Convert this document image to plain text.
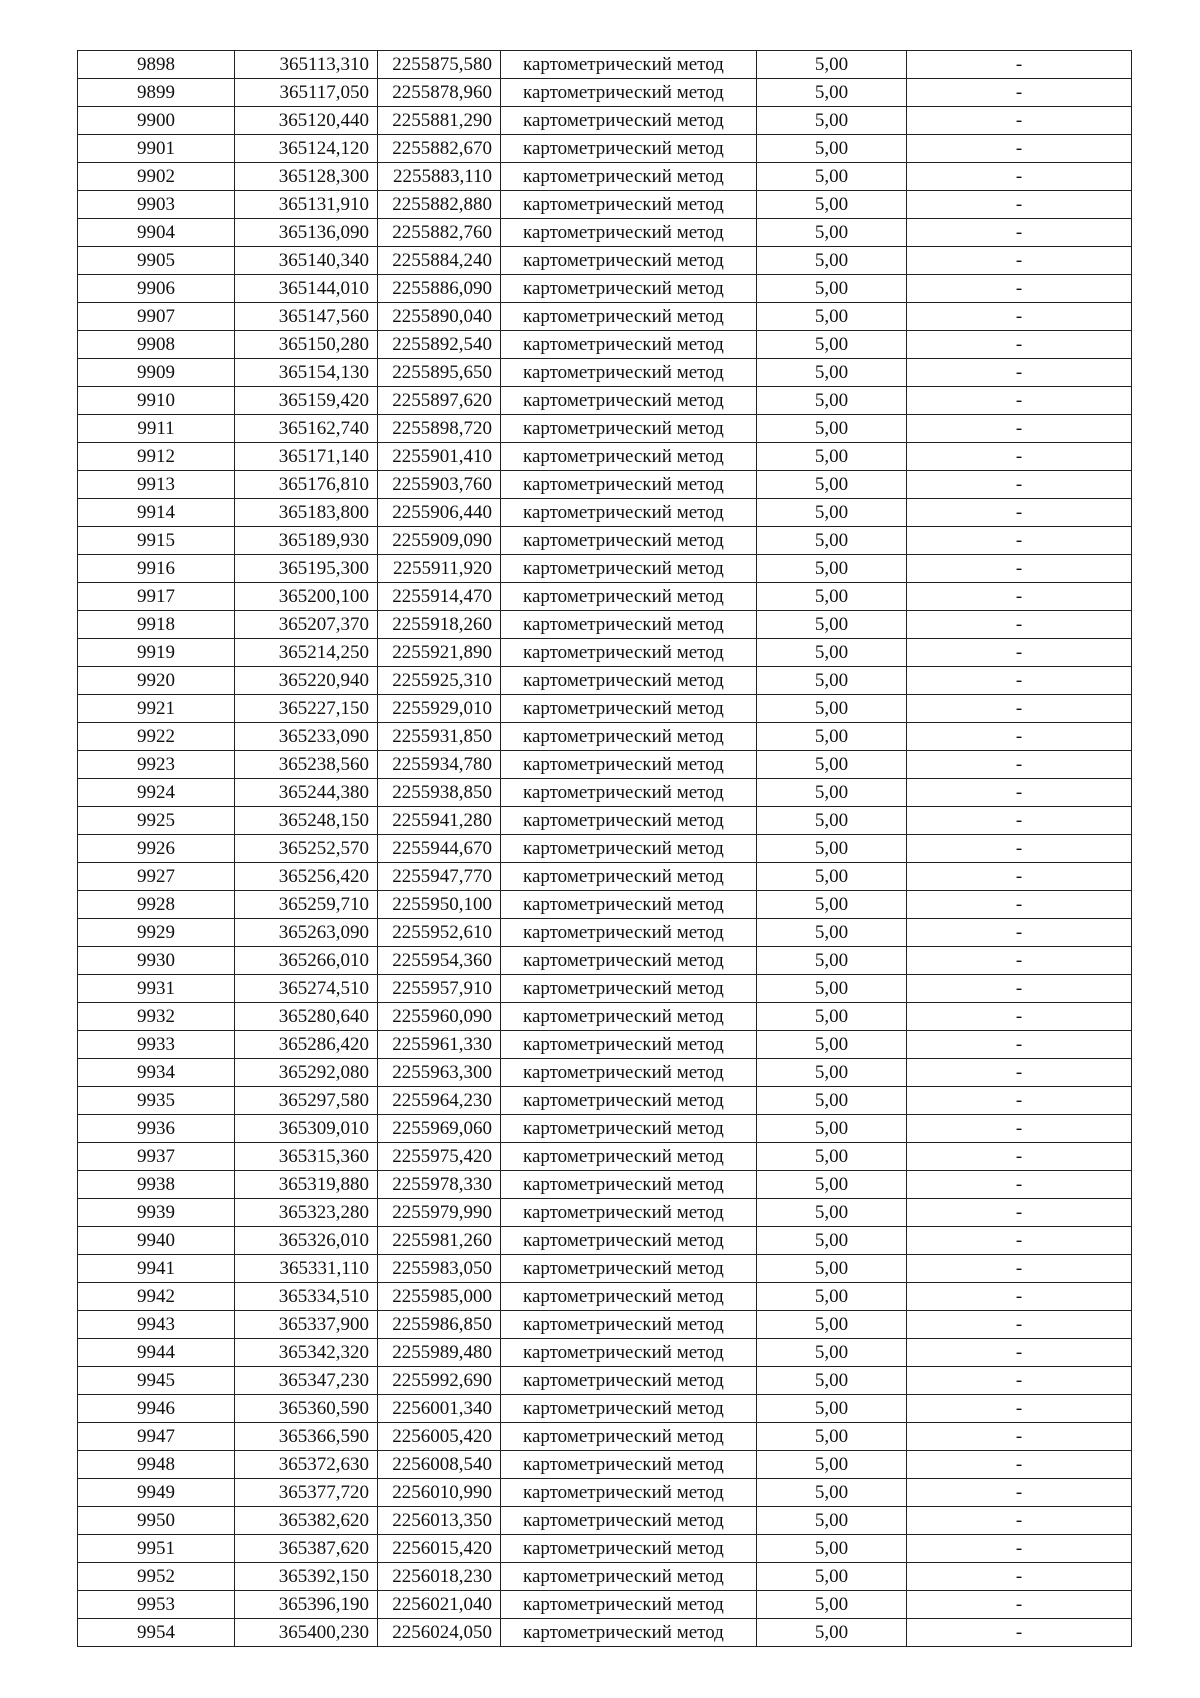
9898	365113,310	2255875,580	картометрический метод	5,00	-
9899	365117,050	2255878,960	картометрический метод	5,00	-
9900	365120,440	2255881,290	картометрический метод	5,00	-
9901	365124,120	2255882,670	картометрический метод	5,00	-
9902	365128,300	2255883,110	картометрический метод	5,00	-
9903	365131,910	2255882,880	картометрический метод	5,00	-
9904	365136,090	2255882,760	картометрический метод	5,00	-
9905	365140,340	2255884,240	картометрический метод	5,00	-
9906	365144,010	2255886,090	картометрический метод	5,00	-
9907	365147,560	2255890,040	картометрический метод	5,00	-
9908	365150,280	2255892,540	картометрический метод	5,00	-
9909	365154,130	2255895,650	картометрический метод	5,00	-
9910	365159,420	2255897,620	картометрический метод	5,00	-
9911	365162,740	2255898,720	картометрический метод	5,00	-
9912	365171,140	2255901,410	картометрический метод	5,00	-
9913	365176,810	2255903,760	картометрический метод	5,00	-
9914	365183,800	2255906,440	картометрический метод	5,00	-
9915	365189,930	2255909,090	картометрический метод	5,00	-
9916	365195,300	2255911,920	картометрический метод	5,00	-
9917	365200,100	2255914,470	картометрический метод	5,00	-
9918	365207,370	2255918,260	картометрический метод	5,00	-
9919	365214,250	2255921,890	картометрический метод	5,00	-
9920	365220,940	2255925,310	картометрический метод	5,00	-
9921	365227,150	2255929,010	картометрический метод	5,00	-
9922	365233,090	2255931,850	картометрический метод	5,00	-
9923	365238,560	2255934,780	картометрический метод	5,00	-
9924	365244,380	2255938,850	картометрический метод	5,00	-
9925	365248,150	2255941,280	картометрический метод	5,00	-
9926	365252,570	2255944,670	картометрический метод	5,00	-
9927	365256,420	2255947,770	картометрический метод	5,00	-
9928	365259,710	2255950,100	картометрический метод	5,00	-
9929	365263,090	2255952,610	картометрический метод	5,00	-
9930	365266,010	2255954,360	картометрический метод	5,00	-
9931	365274,510	2255957,910	картометрический метод	5,00	-
9932	365280,640	2255960,090	картометрический метод	5,00	-
9933	365286,420	2255961,330	картометрический метод	5,00	-
9934	365292,080	2255963,300	картометрический метод	5,00	-
9935	365297,580	2255964,230	картометрический метод	5,00	-
9936	365309,010	2255969,060	картометрический метод	5,00	-
9937	365315,360	2255975,420	картометрический метод	5,00	-
9938	365319,880	2255978,330	картометрический метод	5,00	-
9939	365323,280	2255979,990	картометрический метод	5,00	-
9940	365326,010	2255981,260	картометрический метод	5,00	-
9941	365331,110	2255983,050	картометрический метод	5,00	-
9942	365334,510	2255985,000	картометрический метод	5,00	-
9943	365337,900	2255986,850	картометрический метод	5,00	-
9944	365342,320	2255989,480	картометрический метод	5,00	-
9945	365347,230	2255992,690	картометрический метод	5,00	-
9946	365360,590	2256001,340	картометрический метод	5,00	-
9947	365366,590	2256005,420	картометрический метод	5,00	-
9948	365372,630	2256008,540	картометрический метод	5,00	-
9949	365377,720	2256010,990	картометрический метод	5,00	-
9950	365382,620	2256013,350	картометрический метод	5,00	-
9951	365387,620	2256015,420	картометрический метод	5,00	-
9952	365392,150	2256018,230	картометрический метод	5,00	-
9953	365396,190	2256021,040	картометрический метод	5,00	-
9954	365400,230	2256024,050	картометрический метод	5,00	-
